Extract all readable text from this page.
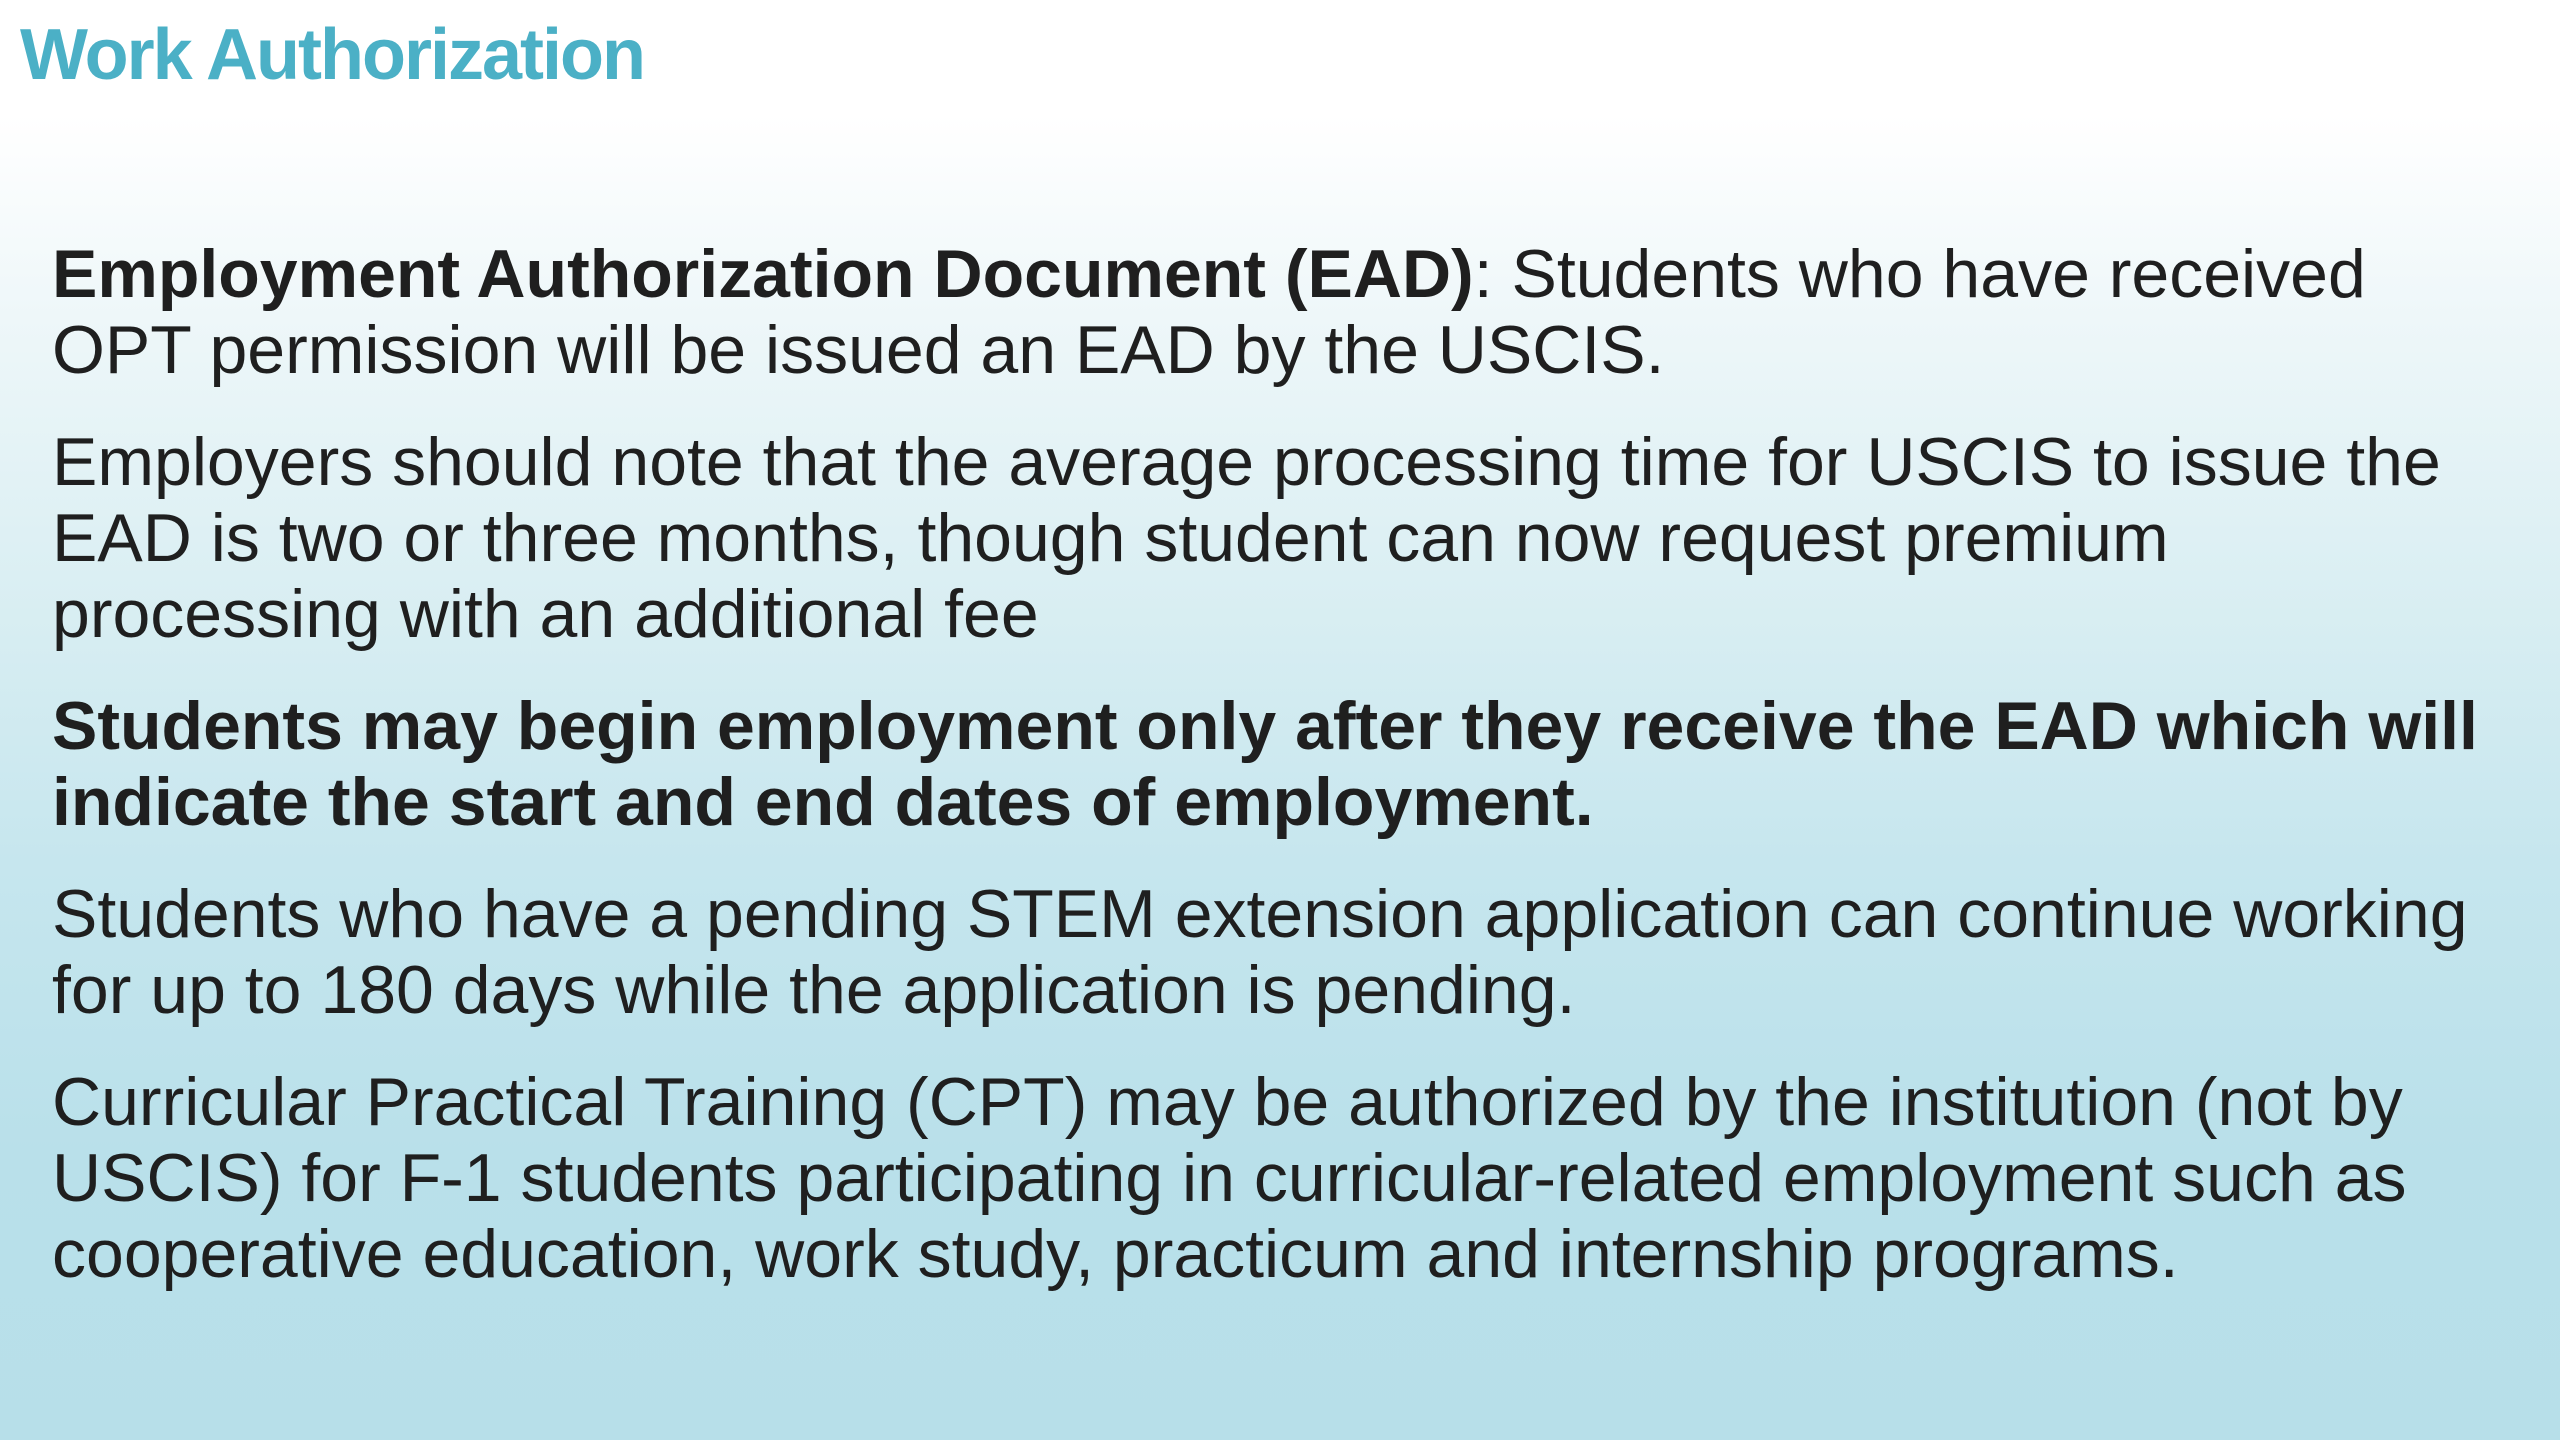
Work Authorization

Employment Authorization Document (EAD): Students who have received OPT permission will be issued an EAD by the USCIS.

Employers should note that the average processing time for USCIS to issue the EAD is two or three months, though student can now request premium processing with an additional fee

Students may begin employment only after they receive the EAD which will indicate the start and end dates of employment.

Students who have a pending STEM extension application can continue working for up to 180 days while the application is pending.

Curricular Practical Training (CPT) may be authorized by the institution (not by USCIS) for F-1 students participating in curricular-related employment such as cooperative education, work study, practicum and internship programs.
